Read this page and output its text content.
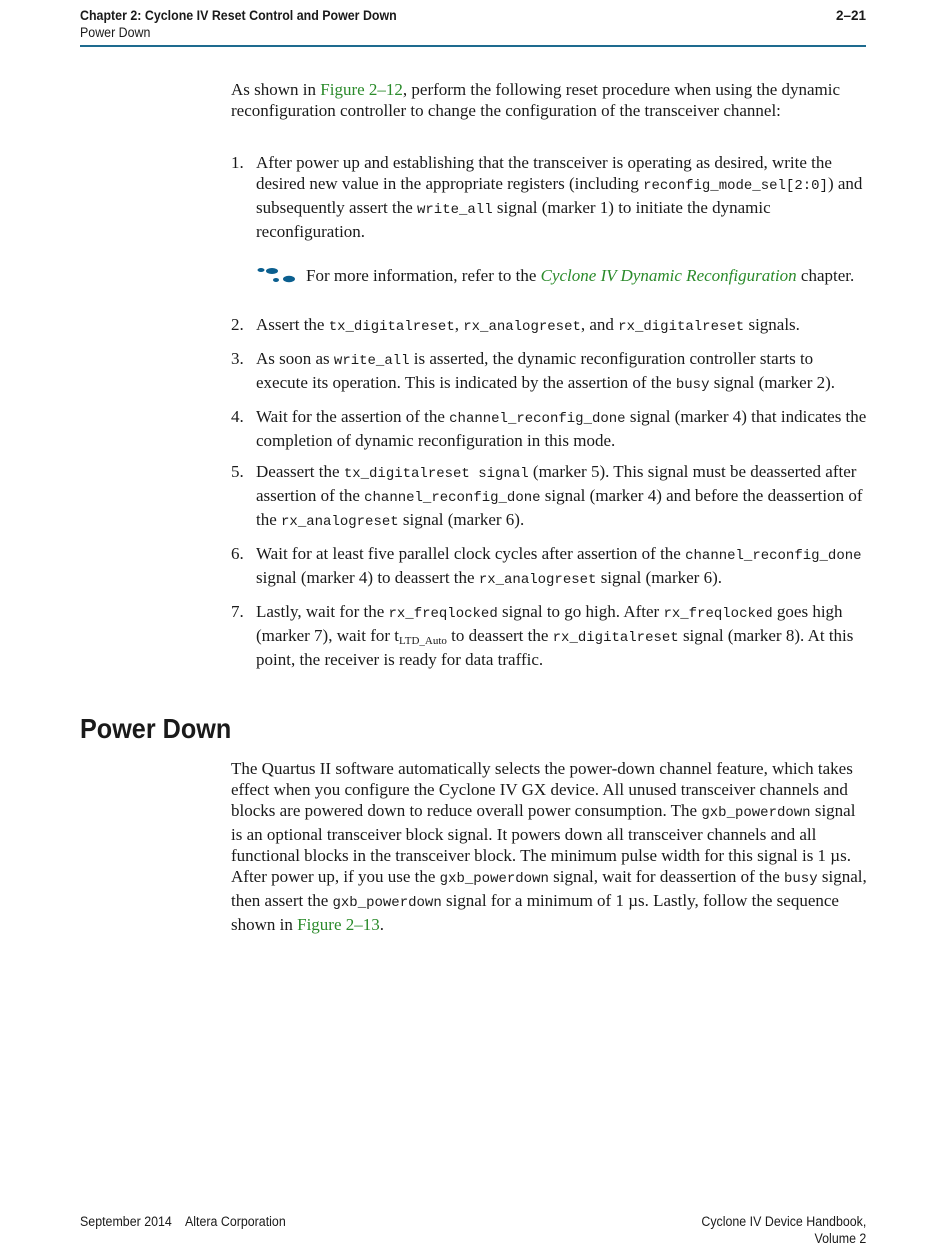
Chapter 2: Cyclone IV Reset Control and Power Down	2–21
Power Down

As shown in Figure 2–12, perform the following reset procedure when using the dynamic reconfiguration controller to change the configuration of the transceiver channel:

1. After power up and establishing that the transceiver is operating as desired, write the desired new value in the appropriate registers (including reconfig_mode_sel[2:0]) and subsequently assert the write_all signal (marker 1) to initiate the dynamic reconfiguration.
For more information, refer to the Cyclone IV Dynamic Reconfiguration chapter.
2. Assert the tx_digitalreset, rx_analogreset, and rx_digitalreset signals.
3. As soon as write_all is asserted, the dynamic reconfiguration controller starts to execute its operation. This is indicated by the assertion of the busy signal (marker 2).
4. Wait for the assertion of the channel_reconfig_done signal (marker 4) that indicates the completion of dynamic reconfiguration in this mode.
5. Deassert the tx_digitalreset signal (marker 5). This signal must be deasserted after assertion of the channel_reconfig_done signal (marker 4) and before the deassertion of the rx_analogreset signal (marker 6).
6. Wait for at least five parallel clock cycles after assertion of the channel_reconfig_done signal (marker 4) to deassert the rx_analogreset signal (marker 6).
7. Lastly, wait for the rx_freqlocked signal to go high. After rx_freqlocked goes high (marker 7), wait for $t_{LTD\_Auto}$ to deassert the rx_digitalreset signal (marker 8). At this point, the receiver is ready for data traffic.
Power Down

The Quartus II software automatically selects the power-down channel feature, which takes effect when you configure the Cyclone IV GX device. All unused transceiver channels and blocks are powered down to reduce overall power consumption. The gxb_powerdown signal is an optional transceiver block signal. It powers down all transceiver channels and all functional blocks in the transceiver block. The minimum pulse width for this signal is 1 µs. After power up, if you use the gxb_powerdown signal, wait for deassertion of the busy signal, then assert the gxb_powerdown signal for a minimum of 1 µs. Lastly, follow the sequence shown in Figure 2–13.

September 2014    Altera Corporation	Cyclone IV Device Handbook,
Volume 2
